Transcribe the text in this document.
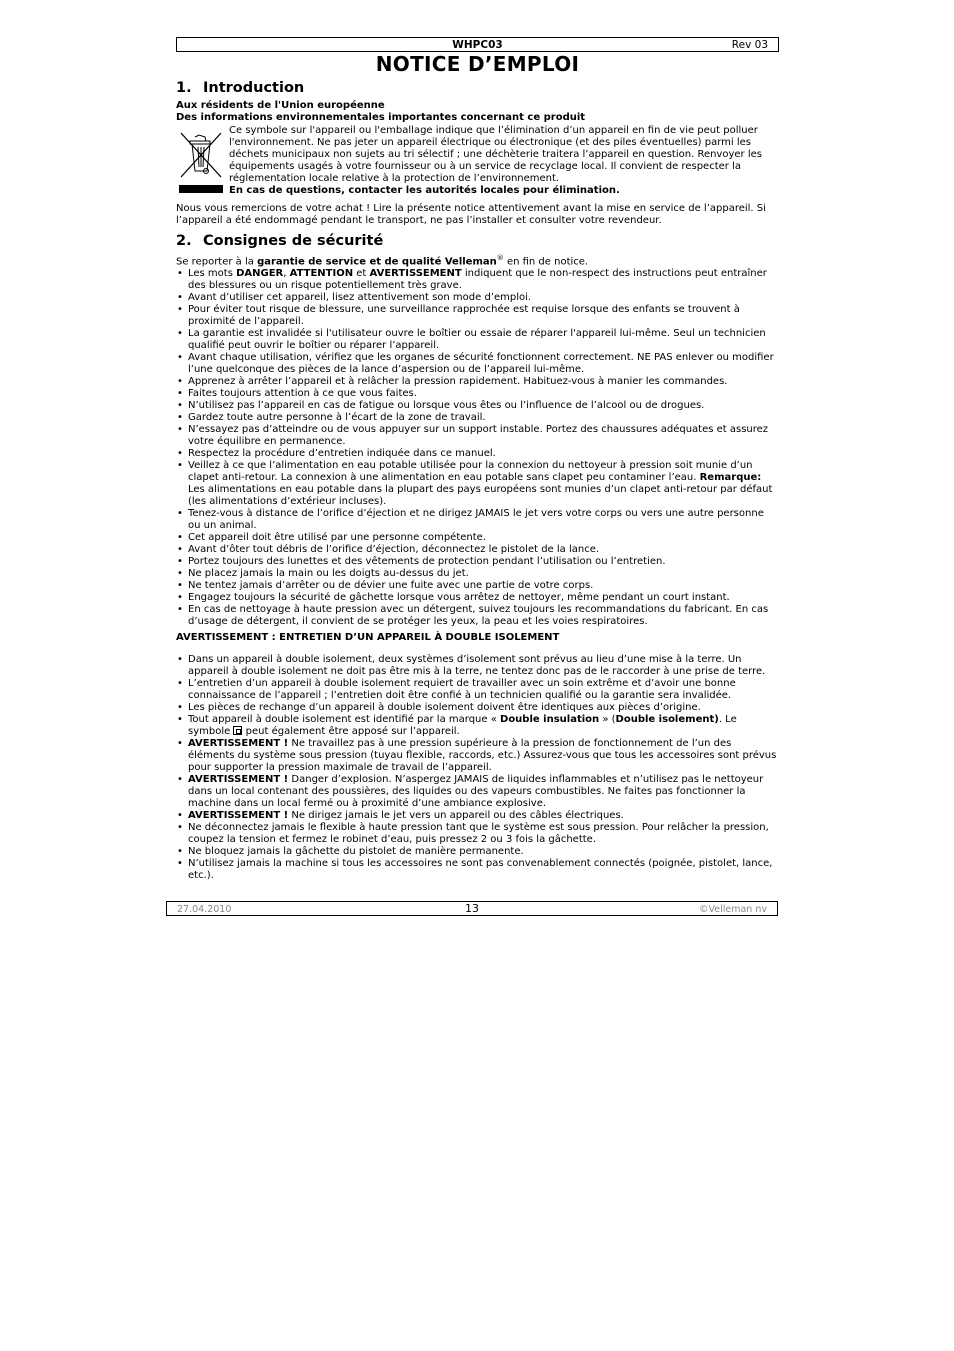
WHPC03	Rev 03
NOTICE D’EMPLOI
1. Introduction

Aux résidents de l'Union européenne

Des informations environnementales importantes concernant ce produit

Ce symbole sur l'appareil ou l'emballage indique que l’élimination d’un appareil en fin de vie peut polluer l'environnement. Ne pas jeter un appareil électrique ou électronique (et des piles éventuelles) parmi les déchets municipaux non sujets au tri sélectif ; une déchèterie traitera l’appareil en question. Renvoyer les équipements usagés à votre fournisseur ou à un service de recyclage local. Il convient de respecter la réglementation locale relative à la protection de l’environnement.

En cas de questions, contacter les autorités locales pour élimination.

Nous vous remercions de votre achat ! Lire la présente notice attentivement avant la mise en service de l’appareil. Si l’appareil a été endommagé pendant le transport, ne pas l’installer et consulter votre revendeur.

2. Consignes de sécurité

Se reporter à la garantie de service et de qualité Velleman® en fin de notice.

• Les mots DANGER, ATTENTION et AVERTISSEMENT indiquent que le non-respect des instructions peut entraîner des blessures ou un risque potentiellement très grave.
• Avant d’utiliser cet appareil, lisez attentivement son mode d’emploi.
• Pour éviter tout risque de blessure, une surveillance rapprochée est requise lorsque des enfants se trouvent à proximité de l’appareil.
• La garantie est invalidée si l'utilisateur ouvre le boîtier ou essaie de réparer l'appareil lui-même. Seul un technicien qualifié peut ouvrir le boîtier ou réparer l’appareil.
• Avant chaque utilisation, vérifiez que les organes de sécurité fonctionnent correctement. NE PAS enlever ou modifier l’une quelconque des pièces de la lance d’aspersion ou de l’appareil lui-même.
• Apprenez à arrêter l’appareil et à relâcher la pression rapidement. Habituez-vous à manier les commandes.
• Faites toujours attention à ce que vous faites.
• N’utilisez pas l’appareil en cas de fatigue ou lorsque vous êtes ou l’influence de l’alcool ou de drogues.
• Gardez toute autre personne à l’écart de la zone de travail.
• N’essayez pas d’atteindre ou de vous appuyer sur un support instable. Portez des chaussures adéquates et assurez votre équilibre en permanence.
• Respectez la procédure d’entretien indiquée dans ce manuel.
• Veillez à ce que l’alimentation en eau potable utilisée pour la connexion du nettoyeur à pression soit munie d’un clapet anti-retour. La connexion à une alimentation en eau potable sans clapet peu contaminer l’eau. Remarque: Les alimentations en eau potable dans la plupart des pays européens sont munies d’un clapet anti-retour par défaut (les alimentations d’extérieur incluses).
• Tenez-vous à distance de l’orifice d’éjection et ne dirigez JAMAIS le jet vers votre corps ou vers une autre personne ou un animal.
• Cet appareil doit être utilisé par une personne compétente.
• Avant d’ôter tout débris de l’orifice d’éjection, déconnectez le pistolet de la lance.
• Portez toujours des lunettes et des vêtements de protection pendant l’utilisation ou l’entretien.
• Ne placez jamais la main ou les doigts au-dessus du jet.
• Ne tentez jamais d’arrêter ou de dévier une fuite avec une partie de votre corps.
• Engagez toujours la sécurité de gâchette lorsque vous arrêtez de nettoyer, même pendant un court instant.
• En cas de nettoyage à haute pression avec un détergent, suivez toujours les recommandations du fabricant. En cas d’usage de détergent, il convient de se protéger les yeux, la peau et les voies respiratoires.

AVERTISSEMENT : ENTRETIEN D’UN APPAREIL À DOUBLE ISOLEMENT

• Dans un appareil à double isolement, deux systèmes d’isolement sont prévus au lieu d’une mise à la terre. Un appareil à double isolement ne doit pas être mis à la terre, ne tentez donc pas de le raccorder à une prise de terre.
• L’entretien d’un appareil à double isolement requiert de travailler avec un soin extrême et d’avoir une bonne connaissance de l’appareil ; l’entretien doit être confié à un technicien qualifié ou la garantie sera invalidée.
• Les pièces de rechange d’un appareil à double isolement doivent être identiques aux pièces d’origine.
• Tout appareil à double isolement est identifié par la marque « Double insulation » (Double isolement). Le symbole  peut également être apposé sur l’appareil.
• AVERTISSEMENT ! Ne travaillez pas à une pression supérieure à la pression de fonctionnement de l’un des éléments du système sous pression (tuyau flexible, raccords, etc.) Assurez-vous que tous les accessoires sont prévus pour supporter la pression maximale de travail de l’appareil.
• AVERTISSEMENT ! Danger d’explosion. N’aspergez JAMAIS de liquides inflammables et n’utilisez pas le nettoyeur dans un local contenant des poussières, des liquides ou des vapeurs combustibles. Ne faites pas fonctionner la machine dans un local fermé ou à proximité d’une ambiance explosive.
• AVERTISSEMENT ! Ne dirigez jamais le jet vers un appareil ou des câbles électriques.
• Ne déconnectez jamais le flexible à haute pression tant que le système est sous pression. Pour relâcher la pression, coupez la tension et fermez le robinet d’eau, puis pressez 2 ou 3 fois la gâchette.
• Ne bloquez jamais la gâchette du pistolet de manière permanente.
• N’utilisez jamais la machine si tous les accessoires ne sont pas convenablement connectés (poignée, pistolet, lance, etc.).
27.04.2010	13	©Velleman nv
